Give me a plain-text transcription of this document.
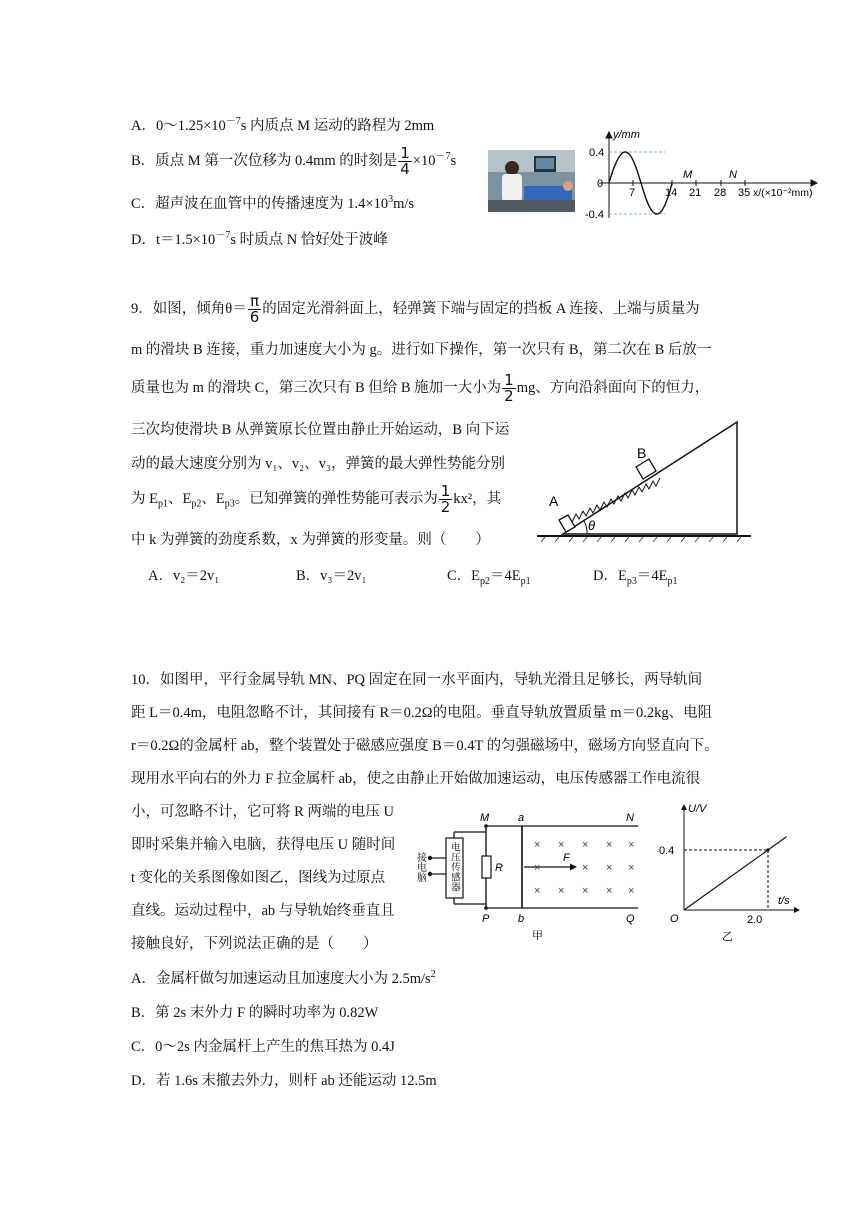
A．$0\sim 1.25\times 10^{-7}s$ 内质点 M 运动的路程为 2mm
B．质点 M 第一次位移为 0.4mm 的时刻是 $\frac{1}{4} \times 10^{-7}s$
C．超声波在血管中的传播速度为 $1.4\times 10^3m/s$
D．$t=1.5\times 10^{-7}s$ 时质点 N 恰好处于波峰
y/mm
0.4
0
-0.4
7	14 21 28 35
M	N
x/(×10⁻²mm)
9．如图，倾角$\theta= \frac{\pi}{6}$ 的固定光滑斜面上，轻弹簧下端与固定的挡板 A 连接、上端与质量为
m 的滑块 B 连接，重力加速度大小为 g。进行如下操作，第一次只有 B，第二次在 B 后放一
质量也为 m 的滑块 C，第三次只有 B 但给 B 施加一大小为 $\frac{1}{2}$ mg、方向沿斜面向下的恒力，
三次均使滑块 B 从弹簧原长位置由静止开始运动，B 向下运
动的最大速度分别为 v₁、v₂、v₃，弹簧的最大弹性势能分别
为 $E_{p1}$、$E_{p2}$、$E_{p3}$。已知弹簧的弹性势能可表示为 $\frac{1}{2} kx^2$，其
中 k 为弹簧的劲度系数，x 为弹簧的形变量。则（　　）
A．v₂＝2v₁	B．v₃＝2v₁	C．$E_{p2}=4E_{p1}$	D．$E_{p3}=4E_{p1}$
A
B
θ
10．如图甲，平行金属导轨 MN、PQ 固定在同一水平面内，导轨光滑且足够长，两导轨间
距 L＝0.4m，电阻忽略不计，其间接有 R＝0.2Ω的电阻。垂直导轨放置质量 m＝0.2kg、电阻
r＝0.2Ω的金属杆 ab，整个装置处于磁感应强度 B＝0.4T 的匀强磁场中，磁场方向竖直向下。
现用水平向右的外力 F 拉金属杆 ab，使之由静止开始做加速运动，电压传感器工作电流很
小，可忽略不计，它可将 R 两端的电压 U
即时采集并输入电脑，获得电压 U 随时间
t 变化的关系图像如图乙，图线为过原点
直线。运动过程中，ab 与导轨始终垂直且
接触良好，下列说法正确的是（　　）
A．金属杆做匀加速运动且加速度大小为 $2.5m/s^2$
B．第 2s 末外力 F 的瞬时功率为 0.82W
C．0～2s 内金属杆上产生的焦耳热为 0.4J
D．若 1.6s 末撤去外力，则杆 ab 还能运动 12.5m
× × × × ×
×	× × ×
× × × × ×
M	a	N
P	b	Q
R
F
甲
电压传感器
接电脑
U/V
t/s
O
0.4
2.0
乙
